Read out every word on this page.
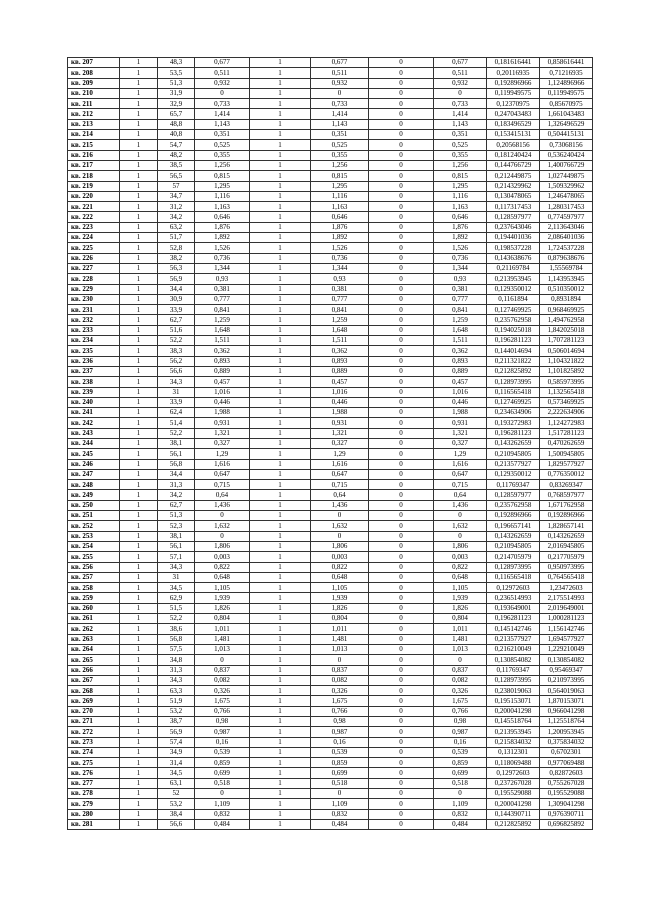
кв. 207	1	48,3	0,677	1	0,677	0	0,677	0,181616441	0,858616441
кв. 208	1	53,5	0,511	1	0,511	0	0,511	0,20116935	0,71216935
кв. 209	1	51,3	0,932	1	0,932	0	0,932	0,192896966	1,124896966
кв. 210	1	31,9	0	1	0	0	0	0,119949575	0,119949575
кв. 211	1	32,9	0,733	1	0,733	0	0,733	0,12370975	0,85670975
кв. 212	1	65,7	1,414	1	1,414	0	1,414	0,247043483	1,661043483
кв. 213	1	48,8	1,143	1	1,143	0	1,143	0,183496529	1,326496529
кв. 214	1	40,8	0,351	1	0,351	0	0,351	0,153415131	0,504415131
кв. 215	1	54,7	0,525	1	0,525	0	0,525	0,20568156	0,73068156
кв. 216	1	48,2	0,355	1	0,355	0	0,355	0,181240424	0,536240424
кв. 217	1	38,5	1,256	1	1,256	0	1,256	0,144766729	1,400766729
кв. 218	1	56,5	0,815	1	0,815	0	0,815	0,212449875	1,027449875
кв. 219	1	57	1,295	1	1,295	0	1,295	0,214329962	1,509329962
кв. 220	1	34,7	1,116	1	1,116	0	1,116	0,130478065	1,246478065
кв. 221	1	31,2	1,163	1	1,163	0	1,163	0,117317453	1,280317453
кв. 222	1	34,2	0,646	1	0,646	0	0,646	0,128597977	0,774597977
кв. 223	1	63,2	1,876	1	1,876	0	1,876	0,237643046	2,113643046
кв. 224	1	51,7	1,892	1	1,892	0	1,892	0,194401036	2,086401036
кв. 225	1	52,8	1,526	1	1,526	0	1,526	0,198537228	1,724537228
кв. 226	1	38,2	0,736	1	0,736	0	0,736	0,143638676	0,879638676
кв. 227	1	56,3	1,344	1	1,344	0	1,344	0,21169784	1,55569784
кв. 228	1	56,9	0,93	1	0,93	0	0,93	0,213953945	1,143953945
кв. 229	1	34,4	0,381	1	0,381	0	0,381	0,129350012	0,510350012
кв. 230	1	30,9	0,777	1	0,777	0	0,777	0,1161894	0,8931894
кв. 231	1	33,9	0,841	1	0,841	0	0,841	0,127469925	0,968469925
кв. 232	1	62,7	1,259	1	1,259	0	1,259	0,235762958	1,494762958
кв. 233	1	51,6	1,648	1	1,648	0	1,648	0,194025018	1,842025018
кв. 234	1	52,2	1,511	1	1,511	0	1,511	0,196281123	1,707281123
кв. 235	1	38,3	0,362	1	0,362	0	0,362	0,144014694	0,506014694
кв. 236	1	56,2	0,893	1	0,893	0	0,893	0,211321822	1,104321822
кв. 237	1	56,6	0,889	1	0,889	0	0,889	0,212825892	1,101825892
кв. 238	1	34,3	0,457	1	0,457	0	0,457	0,128973995	0,585973995
кв. 239	1	31	1,016	1	1,016	0	1,016	0,116565418	1,132565418
кв. 240	1	33,9	0,446	1	0,446	0	0,446	0,127469925	0,573469925
кв. 241	1	62,4	1,988	1	1,988	0	1,988	0,234634906	2,222634906
кв. 242	1	51,4	0,931	1	0,931	0	0,931	0,193272983	1,124272983
кв. 243	1	52,2	1,321	1	1,321	0	1,321	0,196281123	1,517281123
кв. 244	1	38,1	0,327	1	0,327	0	0,327	0,143262659	0,470262659
кв. 245	1	56,1	1,29	1	1,29	0	1,29	0,210945805	1,500945805
кв. 246	1	56,8	1,616	1	1,616	0	1,616	0,213577927	1,829577927
кв. 247	1	34,4	0,647	1	0,647	0	0,647	0,129350012	0,776350012
кв. 248	1	31,3	0,715	1	0,715	0	0,715	0,11769347	0,83269347
кв. 249	1	34,2	0,64	1	0,64	0	0,64	0,128597977	0,768597977
кв. 250	1	62,7	1,436	1	1,436	0	1,436	0,235762958	1,671762958
кв. 251	1	51,3	0	1	0	0	0	0,192896966	0,192896966
кв. 252	1	52,3	1,632	1	1,632	0	1,632	0,196657141	1,828657141
кв. 253	1	38,1	0	1	0	0	0	0,143262659	0,143262659
кв. 254	1	56,1	1,806	1	1,806	0	1,806	0,210945805	2,016945805
кв. 255	1	57,1	0,003	1	0,003	0	0,003	0,214705979	0,217705979
кв. 256	1	34,3	0,822	1	0,822	0	0,822	0,128973995	0,950973995
кв. 257	1	31	0,648	1	0,648	0	0,648	0,116565418	0,764565418
кв. 258	1	34,5	1,105	1	1,105	0	1,105	0,12972603	1,23472603
кв. 259	1	62,9	1,939	1	1,939	0	1,939	0,236514993	2,175514993
кв. 260	1	51,5	1,826	1	1,826	0	1,826	0,193649001	2,019649001
кв. 261	1	52,2	0,804	1	0,804	0	0,804	0,196281123	1,000281123
кв. 262	1	38,6	1,011	1	1,011	0	1,011	0,145142746	1,156142746
кв. 263	1	56,8	1,481	1	1,481	0	1,481	0,213577927	1,694577927
кв. 264	1	57,5	1,013	1	1,013	0	1,013	0,216210049	1,229210049
кв. 265	1	34,8	0	1	0	0	0	0,130854082	0,130854082
кв. 266	1	31,3	0,837	1	0,837	0	0,837	0,11769347	0,95469347
кв. 267	1	34,3	0,082	1	0,082	0	0,082	0,128973995	0,210973995
кв. 268	1	63,3	0,326	1	0,326	0	0,326	0,238019063	0,564019063
кв. 269	1	51,9	1,675	1	1,675	0	1,675	0,195153071	1,870153071
кв. 270	1	53,2	0,766	1	0,766	0	0,766	0,200041298	0,966041298
кв. 271	1	38,7	0,98	1	0,98	0	0,98	0,145518764	1,125518764
кв. 272	1	56,9	0,987	1	0,987	0	0,987	0,213953945	1,200953945
кв. 273	1	57,4	0,16	1	0,16	0	0,16	0,215834032	0,375834032
кв. 274	1	34,9	0,539	1	0,539	0	0,539	0,1312301	0,6702301
кв. 275	1	31,4	0,859	1	0,859	0	0,859	0,118069488	0,977069488
кв. 276	1	34,5	0,699	1	0,699	0	0,699	0,12972603	0,82872603
кв. 277	1	63,1	0,518	1	0,518	0	0,518	0,237267028	0,755267028
кв. 278	1	52	0	1	0	0	0	0,195529088	0,195529088
кв. 279	1	53,2	1,109	1	1,109	0	1,109	0,200041298	1,309041298
кв. 280	1	38,4	0,832	1	0,832	0	0,832	0,144390711	0,976390711
кв. 281	1	56,6	0,484	1	0,484	0	0,484	0,212825892	0,696825892
